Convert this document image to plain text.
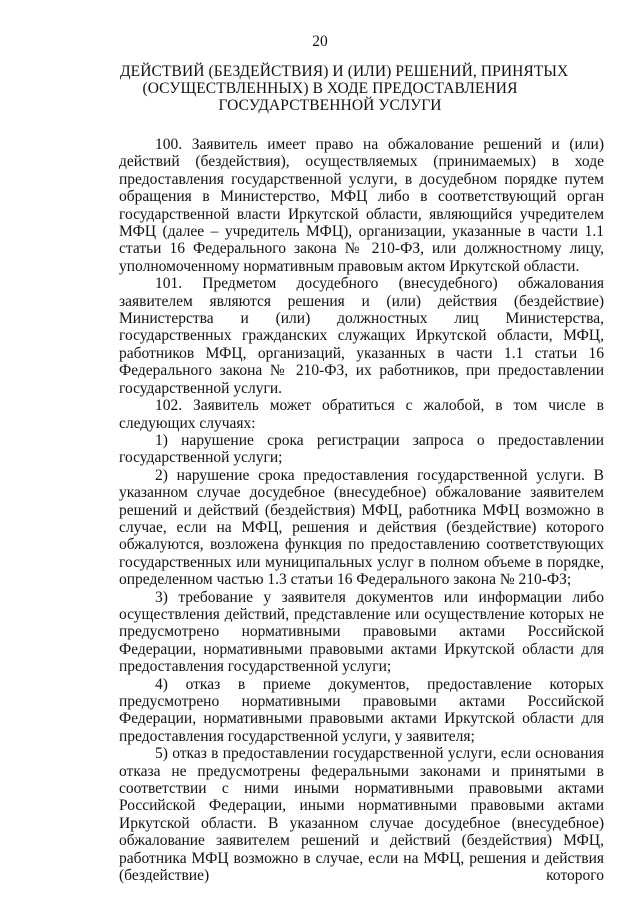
20
ДЕЙСТВИЙ (БЕЗДЕЙСТВИЯ) И (ИЛИ) РЕШЕНИЙ, ПРИНЯТЫХ
(ОСУЩЕСТВЛЕННЫХ) В ХОДЕ ПРЕДОСТАВЛЕНИЯ
ГОСУДАРСТВЕННОЙ УСЛУГИ

100. Заявитель имеет право на обжалование решений и (или) действий (бездействия), осуществляемых (принимаемых) в ходе предоставления государственной услуги, в досудебном порядке путем обращения в Министерство, МФЦ либо в соответствующий орган государственной власти Иркутской области, являющийся учредителем МФЦ (далее – учредитель МФЦ), организации, указанные в части 1.1 статьи 16 Федерального закона № 210-ФЗ, или должностному лицу, уполномоченному нормативным правовым актом Иркутской области.

101. Предметом досудебного (внесудебного) обжалования заявителем являются решения и (или) действия (бездействие) Министерства и (или) должностных лиц Министерства, государственных гражданских служащих Иркутской области, МФЦ, работников МФЦ, организаций, указанных в части 1.1 статьи 16 Федерального закона № 210-ФЗ, их работников, при предоставлении государственной услуги.

102. Заявитель может обратиться с жалобой, в том числе в следующих случаях:

1) нарушение срока регистрации запроса о предоставлении государственной услуги;

2) нарушение срока предоставления государственной услуги. В указанном случае досудебное (внесудебное) обжалование заявителем решений и действий (бездействия) МФЦ, работника МФЦ возможно в случае, если на МФЦ, решения и действия (бездействие) которого обжалуются, возложена функция по предоставлению соответствующих государственных или муниципальных услуг в полном объеме в порядке, определенном частью 1.3 статьи 16 Федерального закона № 210-ФЗ;

3) требование у заявителя документов или информации либо осуществления действий, представление или осуществление которых не предусмотрено нормативными правовыми актами Российской Федерации, нормативными правовыми актами Иркутской области для предоставления государственной услуги;

4) отказ в приеме документов, предоставление которых предусмотрено нормативными правовыми актами Российской Федерации, нормативными правовыми актами Иркутской области для предоставления государственной услуги, у заявителя;

5) отказ в предоставлении государственной услуги, если основания отказа не предусмотрены федеральными законами и принятыми в соответствии с ними иными нормативными правовыми актами Российской Федерации, иными нормативными правовыми актами Иркутской области. В указанном случае досудебное (внесудебное) обжалование заявителем решений и действий (бездействия) МФЦ, работника МФЦ возможно в случае, если на МФЦ, решения и действия (бездействие) которого
